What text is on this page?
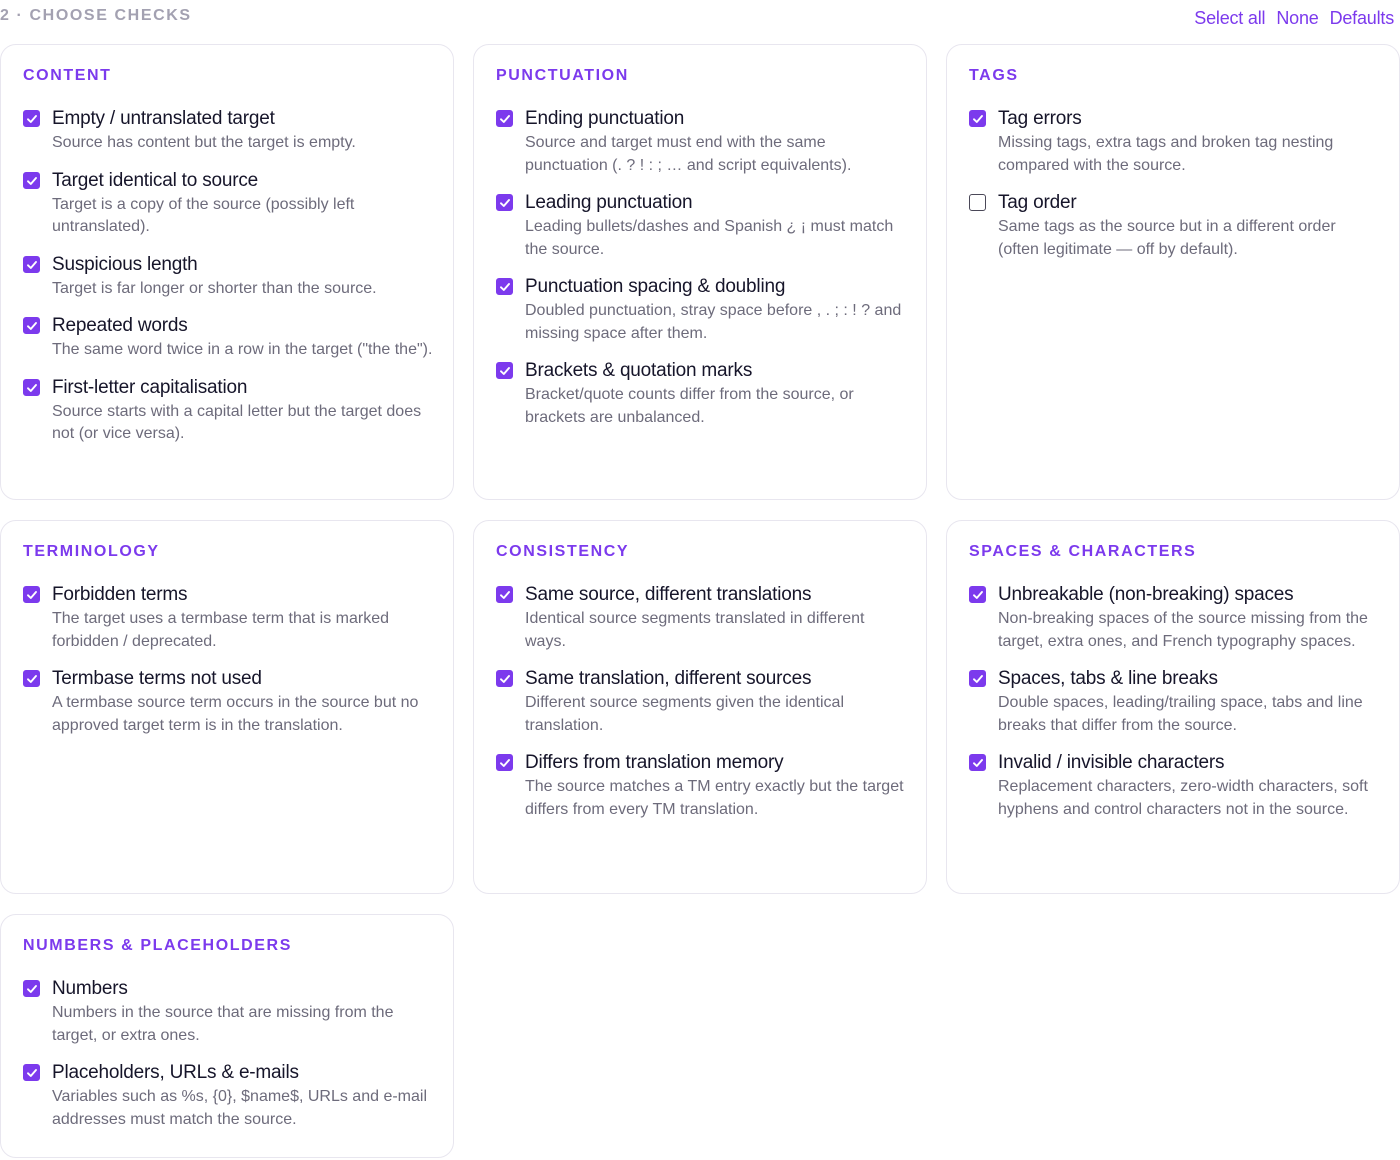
2 · CHOOSE CHECKS	Select all None Defaults
CONTENT
Empty / untranslated target
Source has content but the target is empty.
Target identical to source
Target is a copy of the source (possibly left untranslated).
Suspicious length
Target is far longer or shorter than the source.
Repeated words
The same word twice in a row in the target ("the the").
First-letter capitalisation
Source starts with a capital letter but the target does not (or vice versa).
PUNCTUATION
Ending punctuation
Source and target must end with the same punctuation (. ? ! : ; … and script equivalents).
Leading punctuation
Leading bullets/dashes and Spanish ¿ ¡ must match the source.
Punctuation spacing & doubling
Doubled punctuation, stray space before , . ; : ! ? and missing space after them.
Brackets & quotation marks
Bracket/quote counts differ from the source, or brackets are unbalanced.
TAGS
Tag errors
Missing tags, extra tags and broken tag nesting compared with the source.
Tag order
Same tags as the source but in a different order (often legitimate — off by default).
TERMINOLOGY
Forbidden terms
The target uses a termbase term that is marked forbidden / deprecated.
Termbase terms not used
A termbase source term occurs in the source but no approved target term is in the translation.
CONSISTENCY
Same source, different translations
Identical source segments translated in different ways.
Same translation, different sources
Different source segments given the identical translation.
Differs from translation memory
The source matches a TM entry exactly but the target differs from every TM translation.
SPACES & CHARACTERS
Unbreakable (non-breaking) spaces
Non-breaking spaces of the source missing from the target, extra ones, and French typography spaces.
Spaces, tabs & line breaks
Double spaces, leading/trailing space, tabs and line breaks that differ from the source.
Invalid / invisible characters
Replacement characters, zero-width characters, soft hyphens and control characters not in the source.
NUMBERS & PLACEHOLDERS
Numbers
Numbers in the source that are missing from the target, or extra ones.
Placeholders, URLs & e-mails
Variables such as %s, {0}, $name$, URLs and e-mail addresses must match the source.
